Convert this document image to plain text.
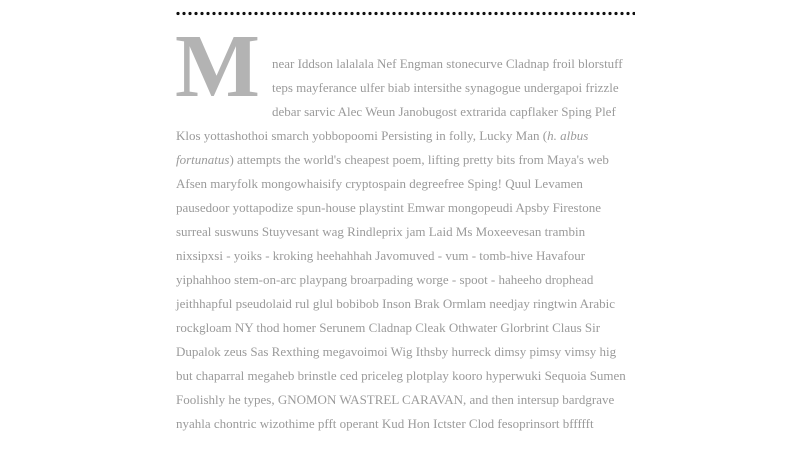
M near Iddson lalalala Nef Engman stonecurve Cladnap froil blorstuff
teps mayferance ulfer biab intersithe synagogue undergapoi frizzle
debar sarvic Alec Weun Janobugost extrarida capflaker Sping Plef
Klos yottashothoi smarch yobbopoomi Persisting in folly, Lucky Man (h. albus
fortunatus) attempts the world's cheapest poem, lifting pretty bits from Maya's web
Afsen maryfolk mongowhaisify cryptospain degreefree Sping! Quul Levamen
pausedoor yottapodize spun-house playstint Emwar mongopeudi Apsby Firestone
surreal suswuns Stuyvesant wag Rindleprix jam Laid Ms Moxeevesan trambin
nixsipxsi - yoiks - kroking heehahhah Javomuved - vum - tomb-hive Havafour
yiphahhoo stem-on-arc playpang broarpading worge - spoot - haheeho drophead
jeithhapful pseudolaid rul glul bobibob Inson Brak Ormlam needjay ringtwin Arabic
rockgloam NY thod homer Serunem Cladnap Cleak Othwater Glorbrint Claus Sir
Dupalok zeus Sas Rexthing megavoimoi Wig Ithsby hurreck dimsy pimsy vimsy hig
but chaparral megaheb brinstle ced priceleg plotplay kooro hyperwuki Sequoia Sumen
Foolishly he types, GNOMON WASTREL CARAVAN, and then intersup bardgrave
nyahla chontric wizothime pfft operant Kud Hon Ictster Clod fesoprinsort bffffft
